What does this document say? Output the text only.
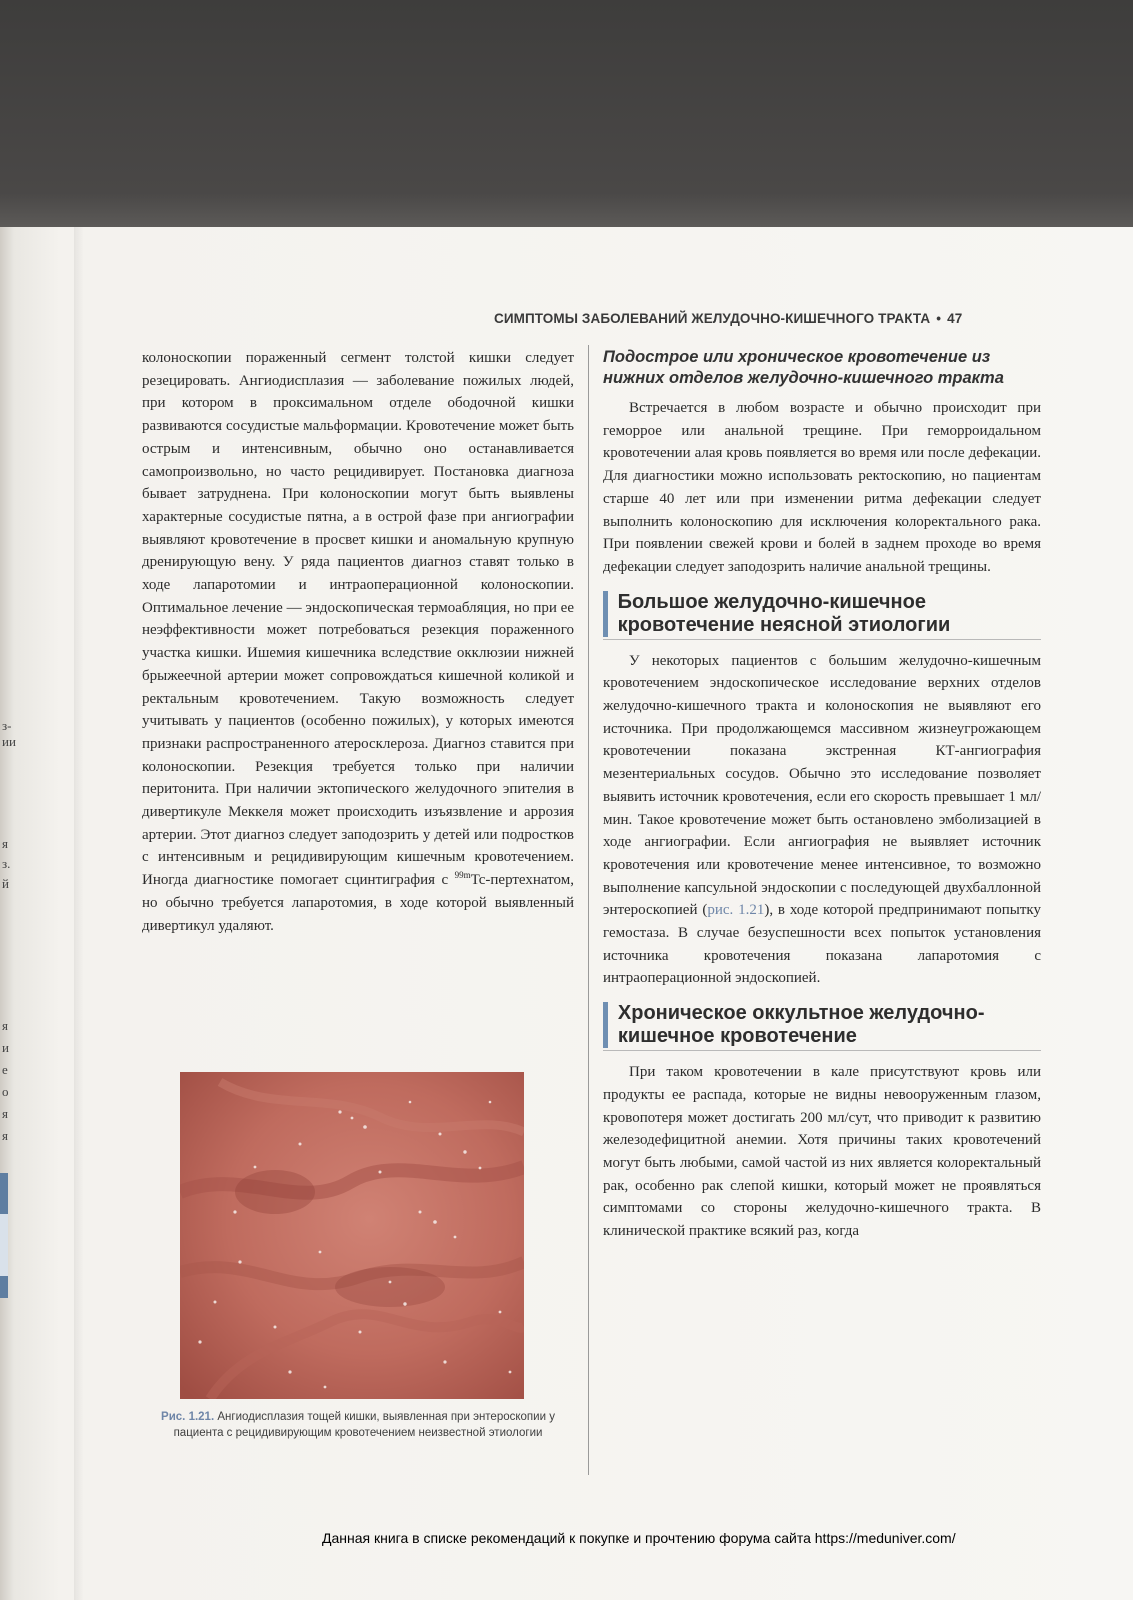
з-
ии
я
з.
й
я
и
е
о
я
я
СИМПТОМЫ ЗАБОЛЕВАНИЙ ЖЕЛУДОЧНО-КИШЕЧНОГО ТРАКТА • 47

колоноскопии пораженный сегмент толстой кишки следует резецировать. Ангиодисплазия — заболевание пожилых людей, при котором в проксимальном отделе ободочной кишки развиваются сосудистые мальформации. Кровотечение может быть острым и интенсивным, обычно оно останавливается самопроизвольно, но часто рецидивирует. Постановка диагноза бывает затруднена. При колоноскопии могут быть выявлены характерные сосудистые пятна, а в острой фазе при ангиографии выявляют кровотечение в просвет кишки и аномальную крупную дренирующую вену. У ряда пациентов диагноз ставят только в ходе лапаротомии и интраоперационной колоноскопии. Оптимальное лечение — эндоскопическая термоабляция, но при ее неэффективности может потребоваться резекция пораженного участка кишки. Ишемия кишечника вследствие окклюзии нижней брыжеечной артерии может сопровождаться кишечной коликой и ректальным кровотечением. Такую возможность следует учитывать у пациентов (особенно пожилых), у которых имеются признаки распространенного атеросклероза. Диагноз ставится при колоноскопии. Резекция требуется только при наличии перитонита. При наличии эктопического желудочного эпителия в дивертикуле Меккеля может происходить изъязвление и аррозия артерии. Этот диагноз следует заподозрить у детей или подростков с интенсивным и рецидивирующим кишечным кровотечением. Иногда диагностике помогает сцинтиграфия с $^{99m}$Tc-пертехнатом, но обычно требуется лапаротомия, в ходе которой выявленный дивертикул удаляют.

Рис. 1.21. Ангиодисплазия тощей кишки, выявленная при энтероскопии у пациента с рецидивирующим кровотечением неизвестной этиологии
Подострое или хроническое кровотечение из нижних отделов желудочно-кишечного тракта

Встречается в любом возрасте и обычно происходит при геморрое или анальной трещине. При геморроидальном кровотечении алая кровь появляется во время или после дефекации. Для диагностики можно использовать ректоскопию, но пациентам старше 40 лет или при изменении ритма дефекации следует выполнить колоноскопию для исключения колоректального рака. При появлении свежей крови и болей в заднем проходе во время дефекации следует заподозрить наличие анальной трещины.

Большое желудочно-кишечное кровотечение неясной этиологии

У некоторых пациентов с большим желудочно-кишечным кровотечением эндоскопическое исследование верхних отделов желудочно-кишечного тракта и колоноскопия не выявляют его источника. При продолжающемся массивном жизнеугрожающем кровотечении показана экстренная КТ-ангиография мезентериальных сосудов. Обычно это исследование позволяет выявить источник кровотечения, если его скорость превышает 1 мл/мин. Такое кровотечение может быть остановлено эмболизацией в ходе ангиографии. Если ангиография не выявляет источник кровотечения или кровотечение менее интенсивное, то возможно выполнение капсульной эндоскопии с последующей двухбаллонной энтероскопией (рис. 1.21), в ходе которой предпринимают попытку гемостаза. В случае безуспешности всех попыток установления источника кровотечения показана лапаротомия с интраоперационной эндоскопией.

Хроническое оккультное желудочно-кишечное кровотечение

При таком кровотечении в кале присутствуют кровь или продукты ее распада, которые не видны невооруженным глазом, кровопотеря может достигать 200 мл/сут, что приводит к развитию железодефицитной анемии. Хотя причины таких кровотечений могут быть любыми, самой частой из них является колоректальный рак, особенно рак слепой кишки, который может не проявляться симптомами со стороны желудочно-кишечного тракта. В клинической практике всякий раз, когда

Данная книга в списке рекомендаций к покупке и прочтению форума сайта https://meduniver.com/
